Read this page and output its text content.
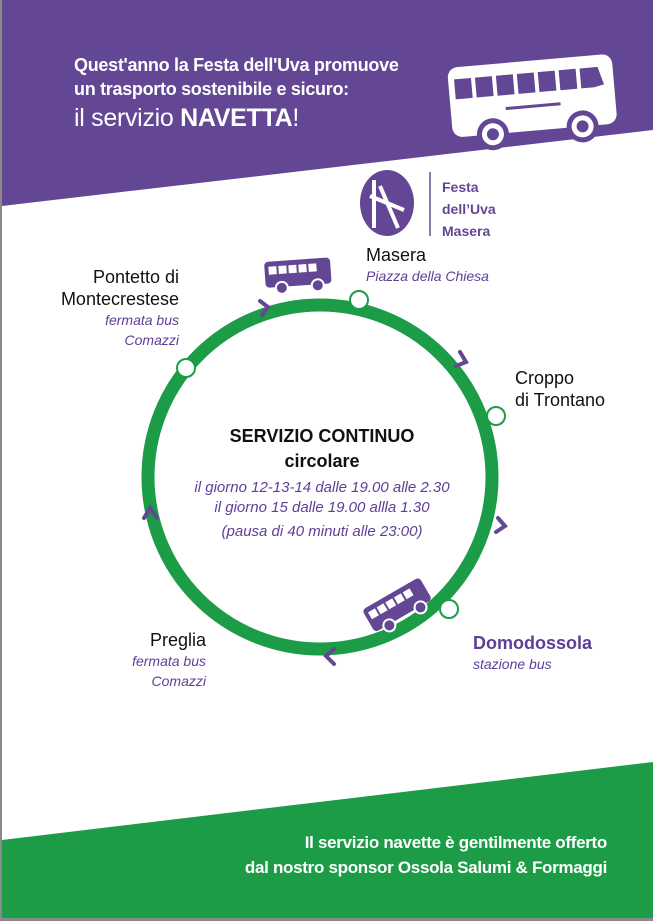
Quest'anno la Festa dell'Uva promuove
un trasporto sostenibile e sicuro:
il servizio NAVETTA!
Festa
dell’Uva
Masera
Masera
Piazza della Chiesa
Pontetto di
Montecrestese
fermata bus
Comazzi
Croppo
di Trontano
Domodossola
stazione bus
Preglia
fermata bus
Comazzi
SERVIZIO CONTINUO
circolare
il giorno 12-13-14 dalle 19.00 alle 2.30
il giorno 15 dalle 19.00 allla 1.30
(pausa di 40 minuti alle 23:00)
Il servizio navette è gentilmente offerto
dal nostro sponsor Ossola Salumi & Formaggi
